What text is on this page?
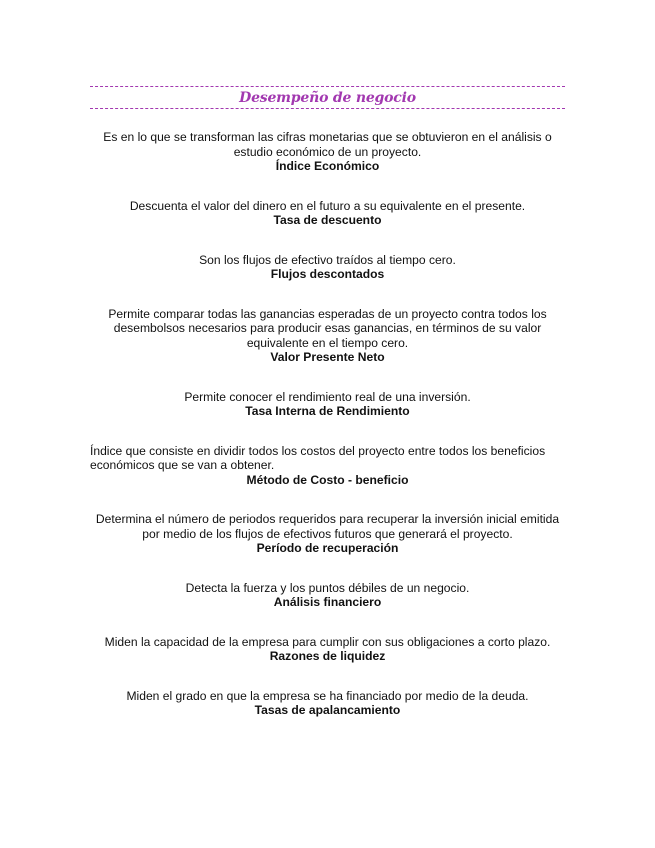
Desempeño de negocio
Es en lo que se transforman las cifras monetarias que se obtuvieron en el análisis o estudio económico de un proyecto.
Índice Económico
Descuenta el valor del dinero en el futuro a su equivalente en el presente.
Tasa de descuento
Son los flujos de efectivo traídos al tiempo cero.
Flujos descontados
Permite comparar todas las ganancias esperadas de un proyecto contra todos los desembolsos necesarios para producir esas ganancias, en términos de su valor equivalente en el tiempo cero.
Valor Presente Neto
Permite conocer el rendimiento real de una inversión.
Tasa Interna de Rendimiento
Índice que consiste en dividir todos los costos del proyecto entre todos los beneficios económicos que se van a obtener.
Método de Costo - beneficio
Determina el número de periodos requeridos para recuperar la inversión inicial emitida por medio de los flujos de efectivos futuros que generará el proyecto.
Período de recuperación
Detecta la fuerza y los puntos débiles de un negocio.
Análisis financiero
Miden la capacidad de la empresa para cumplir con sus obligaciones a corto plazo.
Razones de liquidez
Miden el grado en que la empresa se ha financiado por medio de la deuda.
Tasas de apalancamiento
